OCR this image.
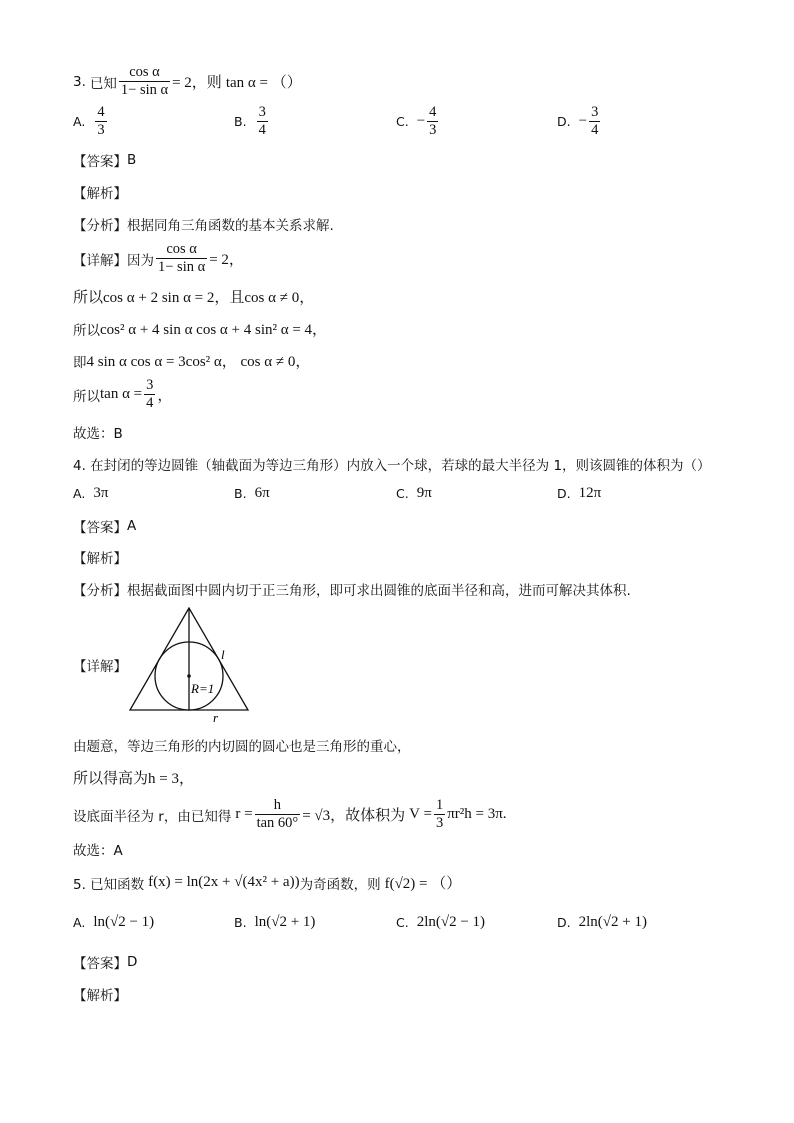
3. 已知 $\frac{\text{cos α}}{\text{1− sin α}} = 2$，则 tan α = （）
A. $\frac{4}{3}$	B. $\frac{3}{4}$	C. − $\frac{4}{3}$	D. − $\frac{3}{4}$
【答案】 B
【解析】
【分析】 根据同角三角函数的基本关系求解.
【详解】 因为 $\frac{\text{cos α}}{\text{1− sin α}} = 2$，
所以cos α + 2 sin α = 2，且cos α ≠ 0，
所以 cos² α + 4 sin α cos α + 4 sin² α = 4，
即 4 sin α cos α = 3cos² α， cos α ≠ 0，
所以 $\tan \alpha = \frac{3}{4}$ ，
故选：B
4. 在封闭的等边圆锥（轴截面为等边三角形）内放入一个球，若球的最大半径为 1，则该圆锥的体积为（）
A. 3π	B. 6π	C. 9π	D. 12π
【答案】 A
【解析】
【分析】 根据截面图中圆内切于正三角形，即可求出圆锥的底面半径和高，进而可解决其体积.
【详解】
l
R=1
r
由题意，等边三角形的内切圆的圆心也是三角形的重心，
所以得高为h = 3，
设底面半径为 r，由已知得 $r = \frac{h}{\tan 60^\circ} = √3$，故体积为 $V = \frac{1}{3} \pi r^2h = 3\pi$.
故选：A
5. 已知函数 f(x) = ln(2x + √(4x² + a)) 为奇函数，则 f(√2) = （）
A. ln(√2 − 1)	B. ln(√2 + 1)	C. 2ln(√2 − 1)	D. 2ln(√2 + 1)
【答案】 D
【解析】
